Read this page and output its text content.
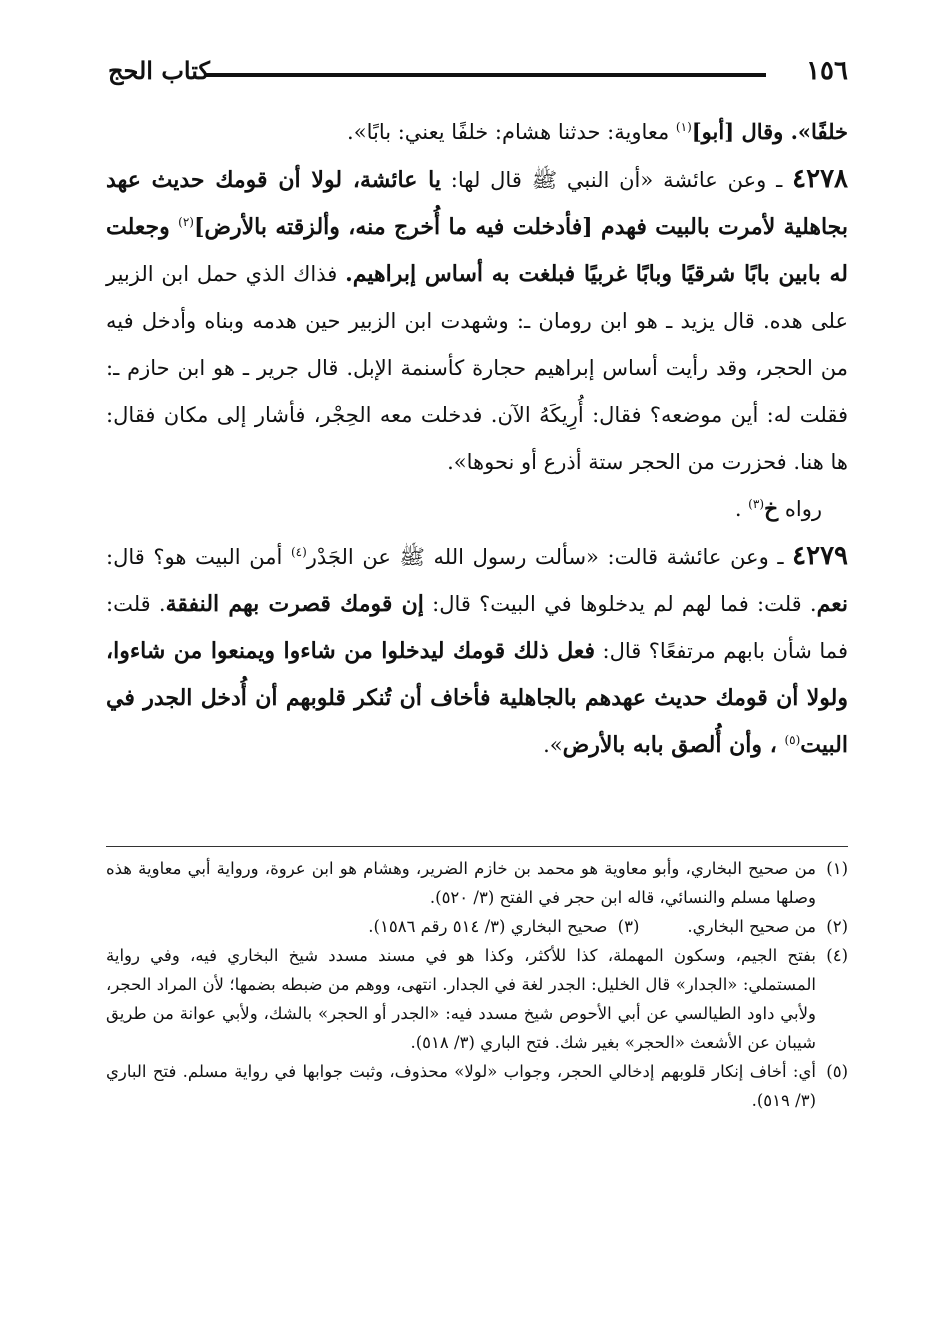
١٥٦
كتاب الحج

خلفًا». وقال [أبو]$^{(١)}$ معاوية: حدثنا هشام: خلفًا يعني: بابًا».

٤٢٧٨ ـ وعن عائشة «أن النبي ﷺ قال لها: يا عائشة، لولا أن قومك حديث عهد بجاهلية لأمرت بالبيت فهدم [فأدخلت فيه ما أُخرج منه، وألزقته بالأرض]$^{(٢)}$ وجعلت له بابين بابًا شرقيًا وبابًا غربيًا فبلغت به أساس إبراهيم. فذاك الذي حمل ابن الزبير على هده. قال يزيد ـ هو ابن رومان ـ: وشهدت ابن الزبير حين هدمه وبناه وأدخل فيه من الحجر، وقد رأيت أساس إبراهيم حجارة كأسنمة الإبل. قال جرير ـ هو ابن حازم ـ: فقلت له: أين موضعه؟ فقال: أُرِيكَهُ الآن. فدخلت معه الحِجْر، فأشار إلى مكان فقال: ها هنا. فحزرت من الحجر ستة أذرع أو نحوها».

رواه خ$^{(٣)}$ .

٤٢٧٩ ـ وعن عائشة قالت: «سألت رسول الله ﷺ عن الجَدْر$^{(٤)}$ أمن البيت هو؟ قال: نعم. قلت: فما لهم لم يدخلوها في البيت؟ قال: إن قومك قصرت بهم النفقة. قلت: فما شأن بابهم مرتفعًا؟ قال: فعل ذلك قومك ليدخلوا من شاءوا ويمنعوا من شاءوا، ولولا أن قومك حديث عهدهم بالجاهلية فأخاف أن تُنكر قلوبهم أن أُدخل الجدر في البيت$^{(٥)}$ ، وأن أُلصق بابه بالأرض».

(١)
من صحيح البخاري، وأبو معاوية هو محمد بن خازم الضرير، وهشام هو ابن عروة، ورواية أبي معاوية هذه وصلها مسلم والنسائي، قاله ابن حجر في الفتح (٣/ ٥٢٠).

(٢)
من صحيح البخاري.

(٣)
صحيح البخاري (٣/ ٥١٤ رقم ١٥٨٦).

(٤)
بفتح الجيم، وسكون المهملة، كذا للأكثر، وكذا هو في مسند مسدد شيخ البخاري فيه، وفي رواية المستملي: «الجدار» قال الخليل: الجدر لغة في الجدار. انتهى، ووهم من ضبطه بضمها؛ لأن المراد الحجر، ولأبي داود الطيالسي عن أبي الأحوص شيخ مسدد فيه: «الجدر أو الحجر» بالشك، ولأبي عوانة من طريق شيبان عن الأشعث «الحجر» بغير شك. فتح الباري (٣/ ٥١٨).

(٥)
أي: أخاف إنكار قلوبهم إدخالي الحجر، وجواب «لولا» محذوف، وثبت جوابها في رواية مسلم. فتح الباري (٣/ ٥١٩).
